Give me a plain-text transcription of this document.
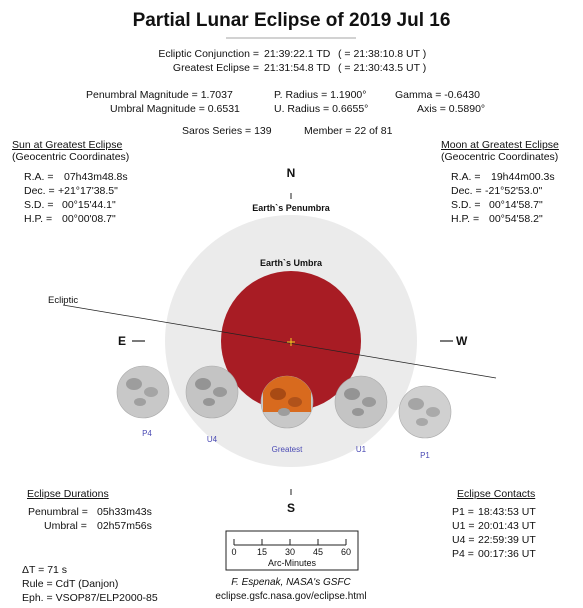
Partial Lunar Eclipse of 2019 Jul 16
Ecliptic Conjunction = 21:39:22.1 TD ( = 21:38:10.8 UT )
Greatest Eclipse = 21:31:54.8 TD ( = 21:30:43.5 UT )
Penumbral Magnitude = 1.7037	P. Radius = 1.1900°	Gamma = -0.6430
Umbral Magnitude = 0.6531	U. Radius = 0.6655°	Axis = 0.5890°
Saros Series = 139	Member = 22 of 81
Sun at Greatest Eclipse
(Geocentric Coordinates)
R.A. = 07h43m48.8s
Dec. = +21°17'38.5"
S.D. = 00°15'44.1"
H.P. = 00°00'08.7"
Moon at Greatest Eclipse
(Geocentric Coordinates)
R.A. = 19h44m00.3s
Dec. = -21°52'53.0"
S.D. = 00°14'58.7"
H.P. = 00°54'58.2"
N
Earth`s Penumbra
Earth`s Umbra
Ecliptic
E	W
S
P4
U4
Greatest	U1
P1
Eclipse Durations
Penumbral = 05h33m43s
Umbral = 02h57m56s
Eclipse Contacts
P1 = 18:43:53 UT
U1 = 20:01:43 UT
U4 = 22:59:39 UT
P4 = 00:17:36 UT
0	15	30	45	60
Arc-Minutes
ΔT = 71 s
Rule = CdT (Danjon)
Eph. = VSOP87/ELP2000-85
F. Espenak, NASA's GSFC
eclipse.gsfc.nasa.gov/eclipse.html
